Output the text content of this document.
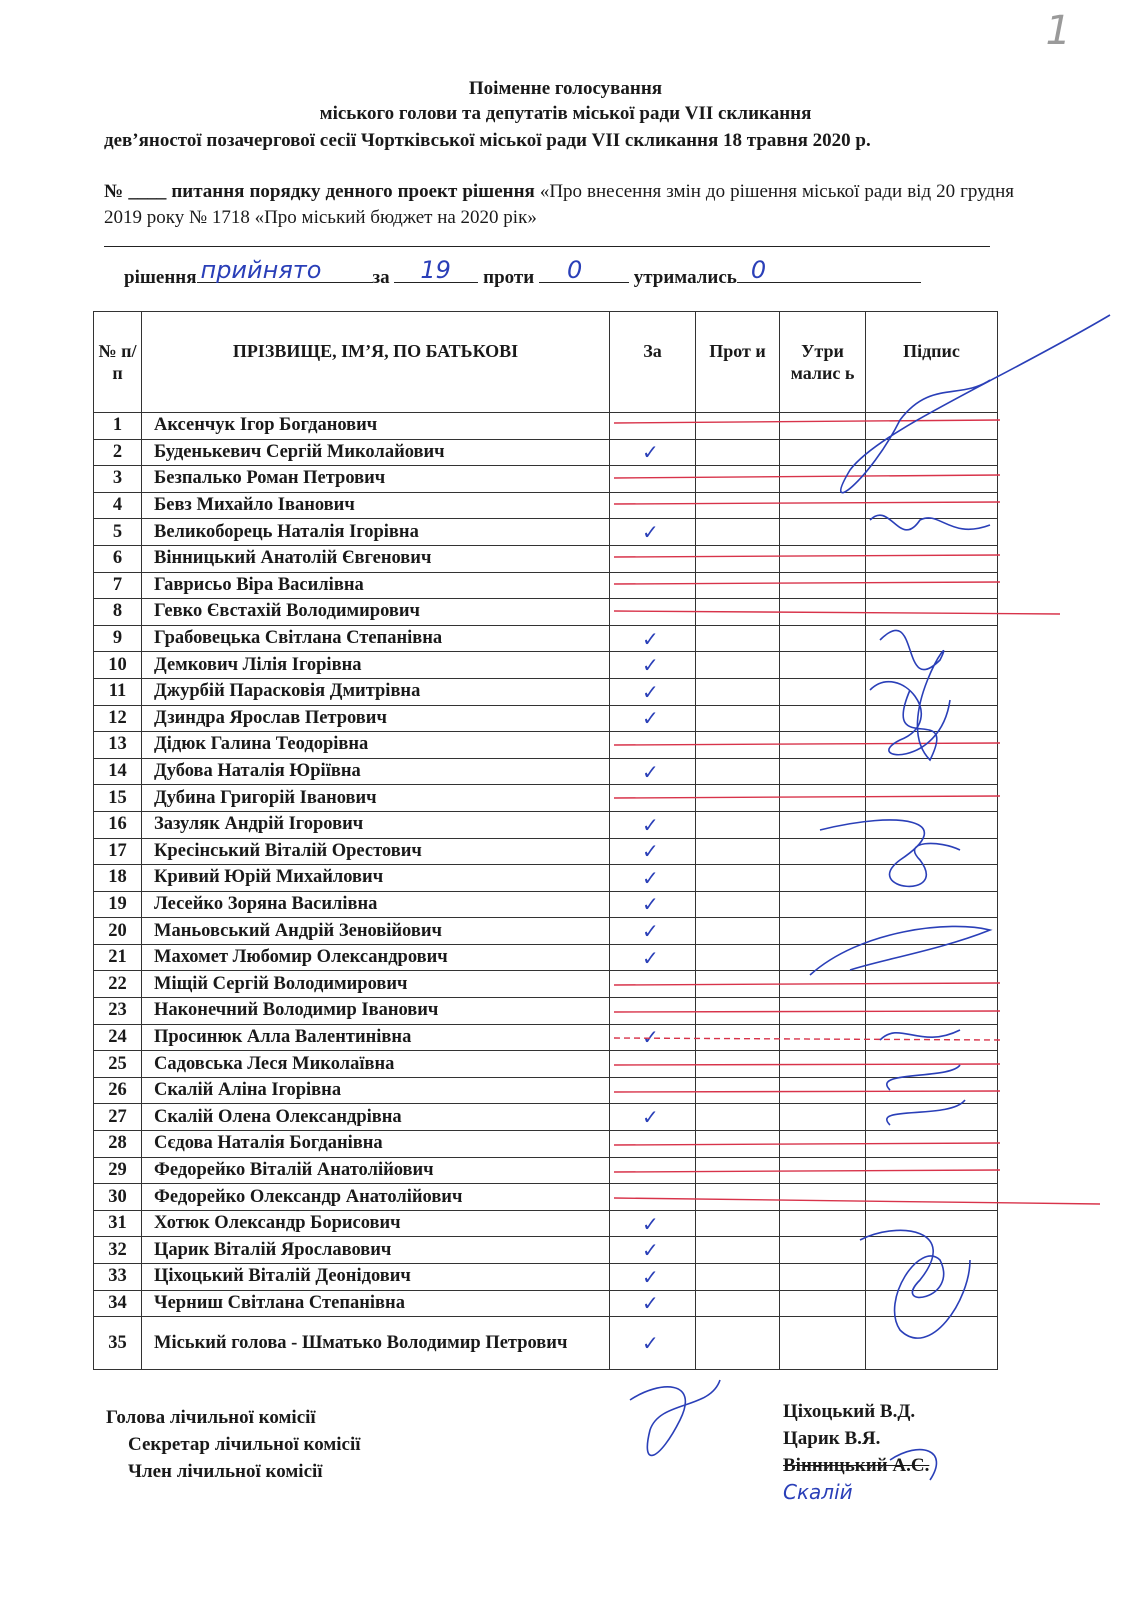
1
Поіменне голосування
міського голови та депутатів міської ради VII скликання
дев’яностої позачергової сесії Чортківської міської ради VII скликання 18 травня 2020 р.
№ ____ питання порядку денного проект рішення «Про внесення змін до рішення міської ради від 20 грудня 2019 року № 1718 «Про міський бюджет на 2020 рік»
рішення прийнято	за 19 проти 0	утримались 0
№ п/п	ПРІЗВИЩЕ, ІМ’Я, ПО БАТЬКОВІ	За	Прот и	Утри малис ь	Підпис
1	Аксенчук Ігор Богданович				
2	Буденькевич Сергій Миколайович	✓			
3	Безпалько Роман Петрович				
4	Бевз Михайло Іванович				
5	Великоборець Наталія Ігорівна	✓			
6	Вінницький Анатолій Євгенович				
7	Гаврисьо Віра Василівна				
8	Гевко Євстахій Володимирович				
9	Грабовецька Світлана Степанівна	✓			
10	Демкович Лілія Ігорівна	✓			
11	Джурбій Парасковія Дмитрівна	✓			
12	Дзиндра Ярослав Петрович	✓			
13	Дідюк Галина Теодорівна				
14	Дубова Наталія Юріївна	✓			
15	Дубина Григорій Іванович				
16	Зазуляк Андрій Ігорович	✓			
17	Кресінський Віталій Орестович	✓			
18	Кривий Юрій Михайлович	✓			
19	Лесейко Зоряна Василівна	✓			
20	Маньовський Андрій Зеновійович	✓			
21	Махомет Любомир Олександрович	✓			
22	Міщій Сергій Володимирович				
23	Наконечний Володимир Іванович				
24	Просинюк Алла Валентинівна	✓			
25	Садовська Леся Миколаївна				
26	Скалій Аліна Ігорівна				
27	Скалій Олена Олександрівна	✓			
28	Сєдова Наталія Богданівна				
29	Федорейко Віталій Анатолійович				
30	Федорейко Олександр Анатолійович				
31	Хотюк Олександр Борисович	✓			
32	Царик Віталій Ярославович	✓			
33	Ціхоцький Віталій Деонідович	✓			
34	Черниш Світлана Степанівна	✓			
35	Міський голова - Шматько Володимир Петрович	✓			
Голова лічильної комісії
Секретар лічильної комісії
Член лічильної комісії
Ціхоцький В.Д.
Царик В.Я.
Вінницький А.С.
Скалій
